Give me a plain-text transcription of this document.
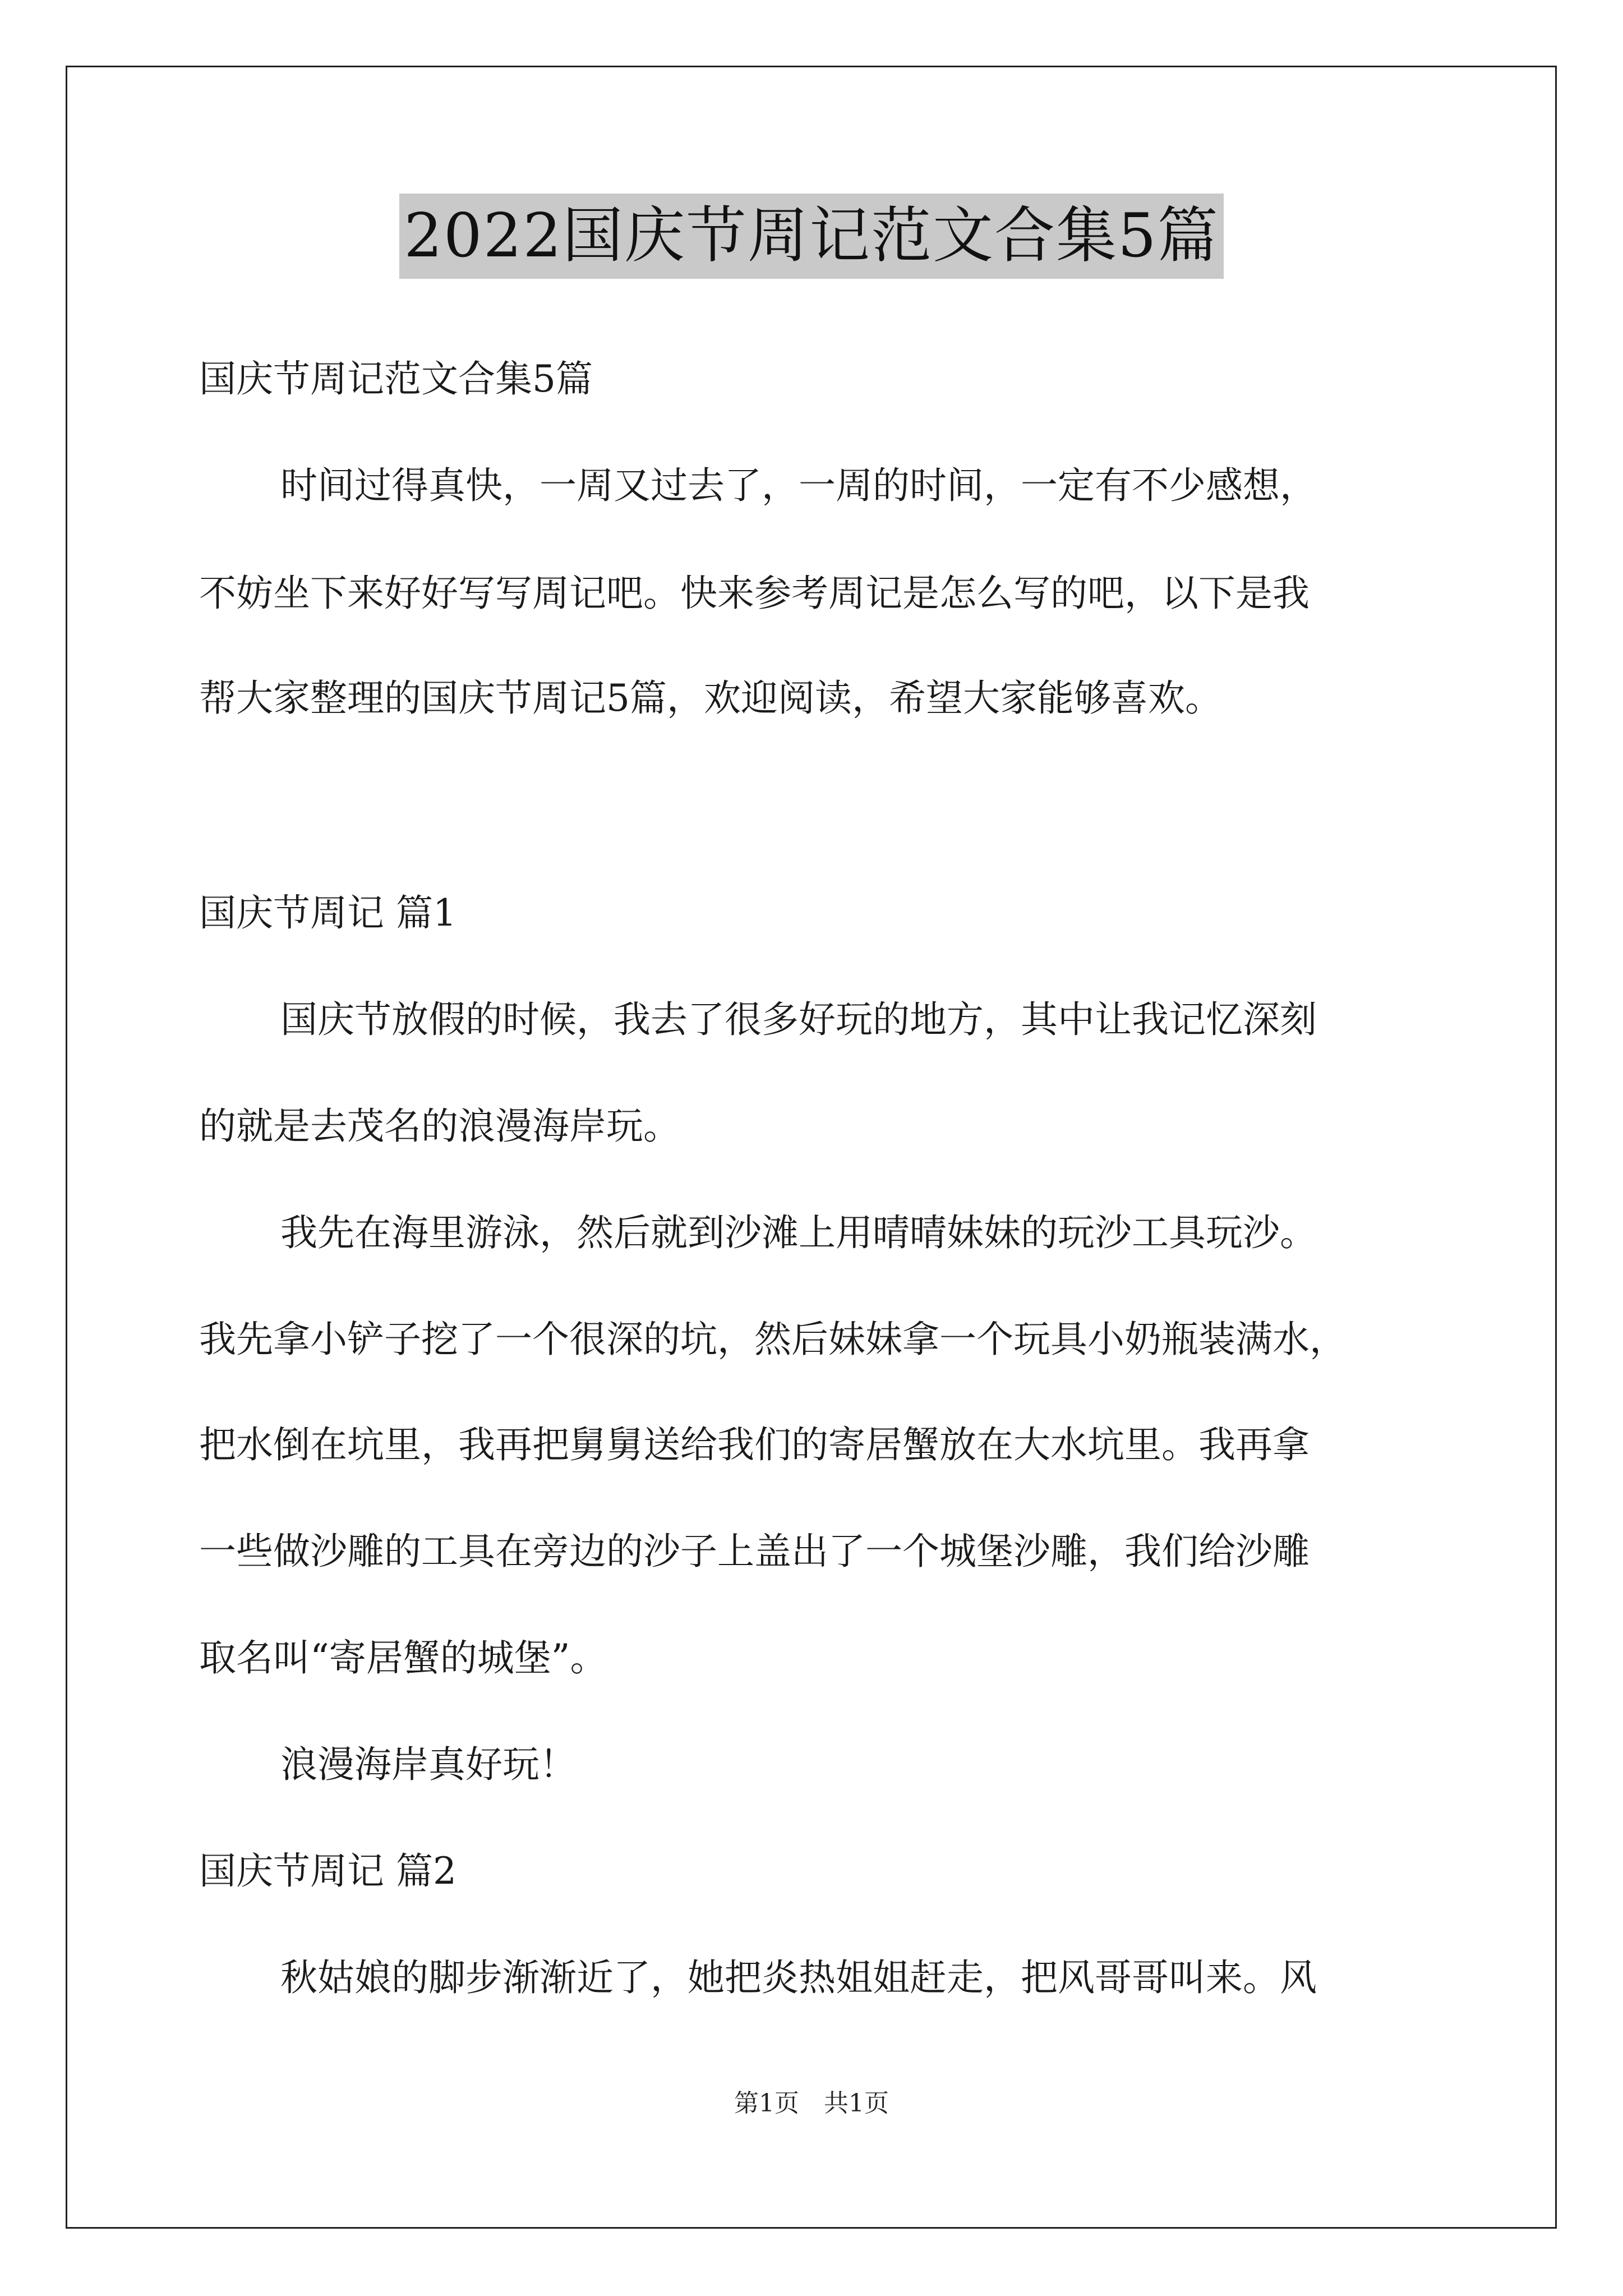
2022国庆节周记范文合集5篇
国庆节周记范文合集5篇
时间过得真快，一周又过去了，一周的时间，一定有不少感想，
不妨坐下来好好写写周记吧。快来参考周记是怎么写的吧，以下是我
帮大家整理的国庆节周记5篇，欢迎阅读，希望大家能够喜欢。
国庆节周记 篇1
国庆节放假的时候，我去了很多好玩的地方，其中让我记忆深刻
的就是去茂名的浪漫海岸玩。
我先在海里游泳，然后就到沙滩上用晴晴妹妹的玩沙工具玩沙。
我先拿小铲子挖了一个很深的坑，然后妹妹拿一个玩具小奶瓶装满水，
把水倒在坑里，我再把舅舅送给我们的寄居蟹放在大水坑里。我再拿
一些做沙雕的工具在旁边的沙子上盖出了一个城堡沙雕，我们给沙雕
取名叫“寄居蟹的城堡”。
浪漫海岸真好玩！
国庆节周记 篇2
秋姑娘的脚步渐渐近了，她把炎热姐姐赶走，把风哥哥叫来。风
第1页　共1页
